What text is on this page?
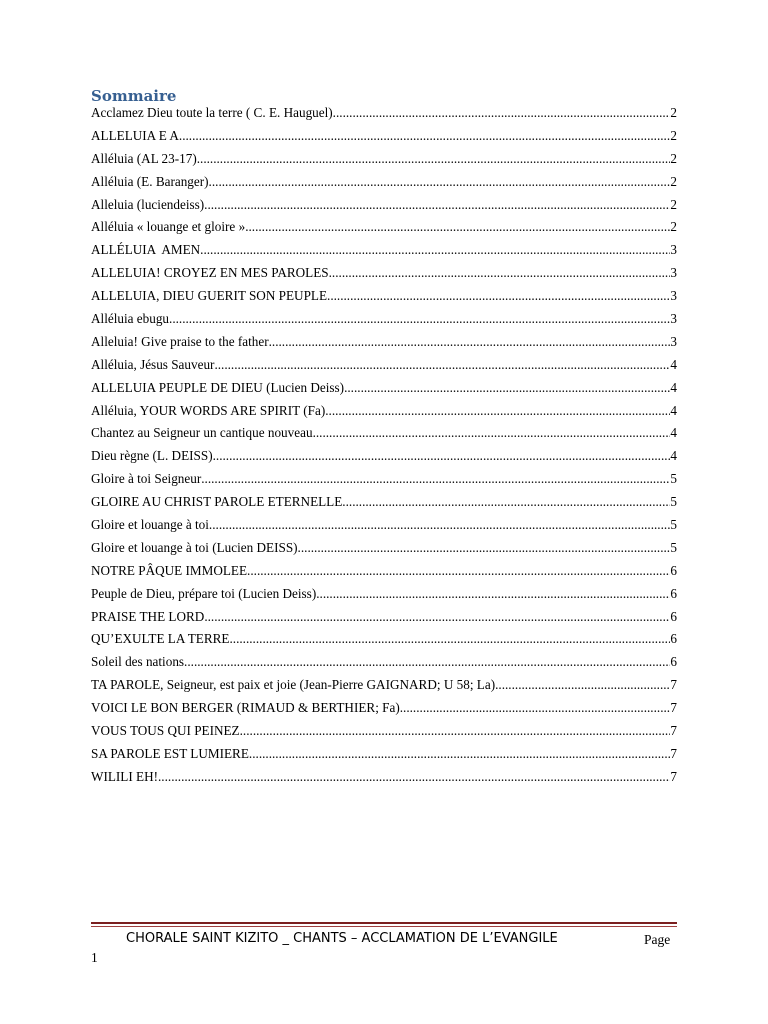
Sommaire
Acclamez Dieu toute la terre ( C. E. Hauguel) .....	2
ALLELUIA E A .....	2
Alléluia (AL 23-17) .....	2
Alléluia (E. Baranger) .....	2
Alleluia (luciendeiss) .....	2
Alléluia « louange et gloire » .....	2
ALLÉLUIA  AMEN .....	3
ALLELUIA! CROYEZ EN MES PAROLES .....	3
ALLELUIA, DIEU GUERIT SON PEUPLE .....	3
Alléluia ebugu .....	3
Alleluia! Give praise to the father .....	3
Alléluia, Jésus Sauveur .....	4
ALLELUIA PEUPLE DE DIEU (Lucien Deiss) .....	4
Alléluia, YOUR WORDS ARE SPIRIT (Fa) .....	4
Chantez au Seigneur un cantique nouveau .....	4
Dieu règne (L. DEISS) .....	4
Gloire à toi Seigneur .....	5
GLOIRE AU CHRIST PAROLE ETERNELLE .....	5
Gloire et louange à toi .....	5
Gloire et louange à toi (Lucien DEISS) .....	5
NOTRE PÂQUE IMMOLEE .....	6
Peuple de Dieu, prépare toi (Lucien Deiss) .....	6
PRAISE THE LORD .....	6
QU’EXULTE LA TERRE .....	6
Soleil des nations .....	6
TA PAROLE, Seigneur, est paix et joie (Jean-Pierre GAIGNARD; U 58; La) .....	7
VOICI LE BON BERGER (RIMAUD & BERTHIER; Fa) .....	7
VOUS TOUS QUI PEINEZ .....	7
SA PAROLE EST LUMIERE .....	7
WILILI EH! .....	7
CHORALE SAINT KIZITO _ CHANTS – ACCLAMATION DE L’EVANGILE	Page
1
